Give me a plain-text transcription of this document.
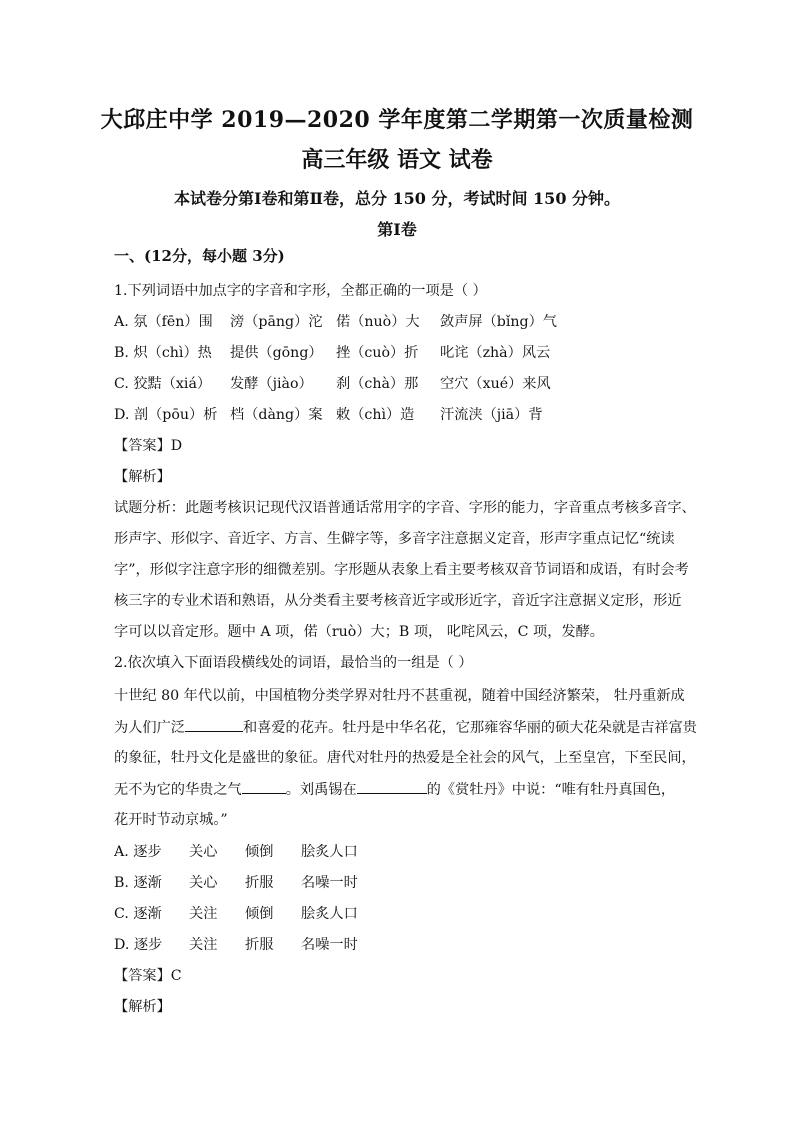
大邱庄中学 2019—2020 学年度第二学期第一次质量检测
高三年级 语文 试卷
本试卷分第Ⅰ卷和第Ⅱ卷，总分 150 分，考试时间 150 分钟。
第Ⅰ卷
一、(12分，每小题 3分)
1.下列词语中加点字的字音和字形，全都正确的一项是（ ）
A. 氛（fēn）围 滂（pāng）沱 偌（nuò）大 敛声屏（bǐng）气
B. 炽（chì）热 提供（gōng） 挫（cuò）折 叱诧（zhà）风云
C. 狡黠（xiá） 发酵（jiào） 刹（chà）那 空穴（xué）来风
D. 剖（pōu）析 档（dàng）案 敕（chì）造 汗流浃（jiā）背
【答案】D
【解析】
试题分析：此题考核识记现代汉语普通话常用字的字音、字形的能力，字音重点考核多音字、
形声字、形似字、音近字、方言、生僻字等，多音字注意据义定音，形声字重点记忆“统读
字”，形似字注意字形的细微差别。字形题从表象上看主要考核双音节词语和成语，有时会考
核三字的专业术语和熟语，从分类看主要考核音近字或形近字，音近字注意据义定形，形近
字可以以音定形。题中 A 项，偌（ruò）大；B 项， 叱咤风云，C 项，发酵。
2.依次填入下面语段横线处的词语，最恰当的一组是（ ）
十世纪 80 年代以前，中国植物分类学界对牡丹不甚重视，随着中国经济繁荣， 牡丹重新成
为人们广泛	和喜爱的花卉。牡丹是中华名花，它那雍容华丽的硕大花朵就是吉祥富贵
的象征，牡丹文化是盛世的象征。唐代对牡丹的热爱是全社会的风气，上至皇宫，下至民间，
无不为它的华贵之气	。刘禹锡在	的《赏牡丹》中说：“唯有牡丹真国色，
花开时节动京城。”
A. 逐步 关心 倾倒 脍炙人口
B. 逐渐 关心 折服 名噪一时
C. 逐渐 关注 倾倒 脍炙人口
D. 逐步 关注 折服 名噪一时
【答案】C
【解析】
